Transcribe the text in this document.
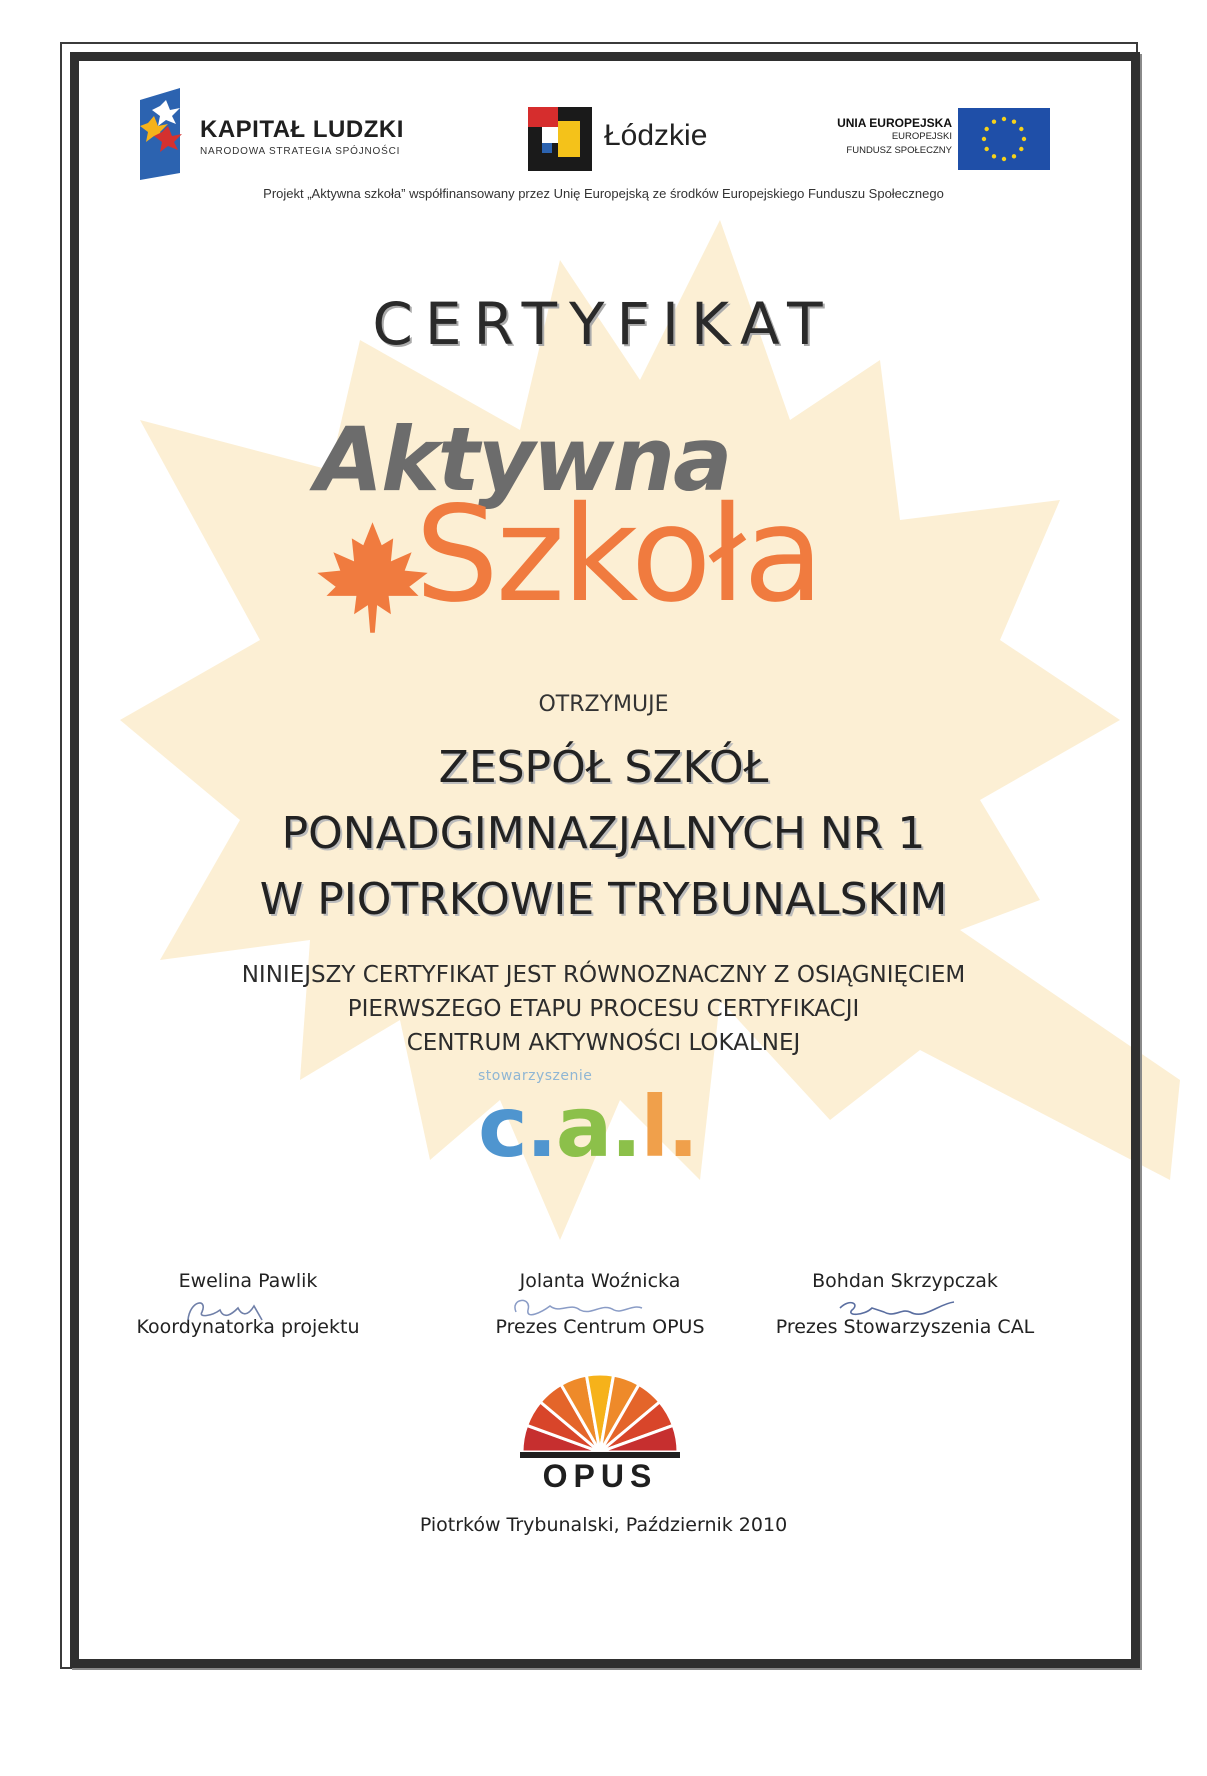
KAPITAŁ LUDZKI
NARODOWA STRATEGIA SPÓJNOŚCI	Łódzkie	UNIA EUROPEJSKA
EUROPEJSKI
FUNDUSZ SPOŁECZNY
Projekt „Aktywna szkoła” współfinansowany przez Unię Europejską ze środków Europejskiego Funduszu Społecznego
CERTYFIKAT
Aktywna
Szkoła
OTRZYMUJE
ZESPÓŁ SZKÓŁ
PONADGIMNAZJALNYCH NR 1
W PIOTRKOWIE TRYBUNALSKIM
NINIEJSZY CERTYFIKAT JEST RÓWNOZNACZNY Z OSIĄGNIĘCIEM
PIERWSZEGO ETAPU PROCESU CERTYFIKACJI
CENTRUM AKTYWNOŚCI LOKALNEJ
stowarzyszenie
c.a.l.
Ewelina Pawlik
Koordynatorka projektu
Jolanta Woźnicka
Prezes Centrum OPUS
Bohdan Skrzypczak
Prezes Stowarzyszenia CAL
OPUS
Piotrków Trybunalski, Październik 2010
